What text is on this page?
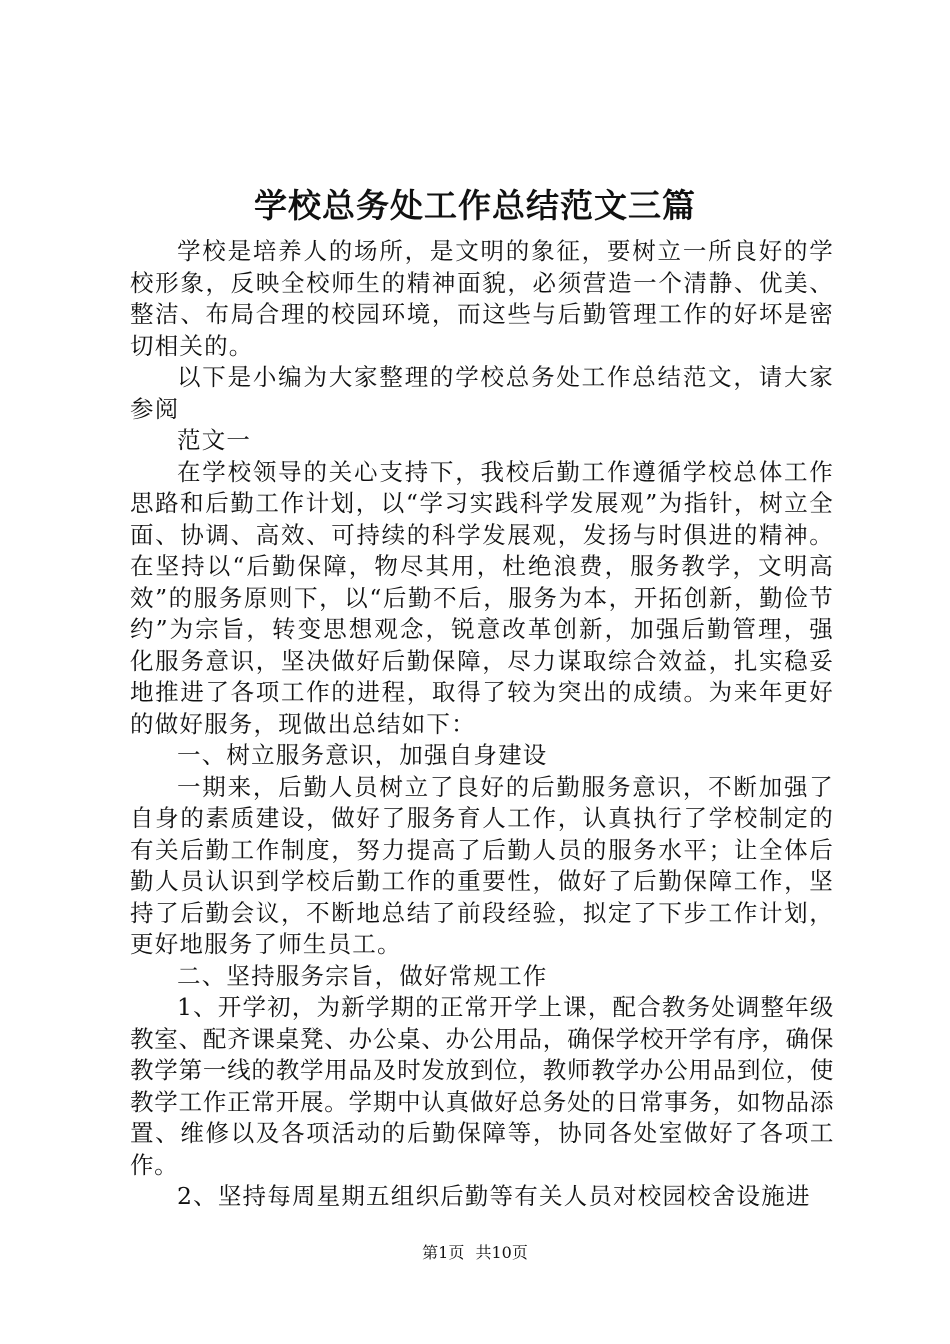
学校总务处工作总结范文三篇

学校是培养人的场所，是文明的象征，要树立一所良好的学校形象，反映全校师生的精神面貌，必须营造一个清静、优美、整洁、布局合理的校园环境，而这些与后勤管理工作的好坏是密切相关的。

以下是小编为大家整理的学校总务处工作总结范文，请大家参阅

范文一

在学校领导的关心支持下，我校后勤工作遵循学校总体工作思路和后勤工作计划，以“学习实践科学发展观”为指针，树立全面、协调、高效、可持续的科学发展观，发扬与时俱进的精神。在坚持以“后勤保障，物尽其用，杜绝浪费，服务教学，文明高效”的服务原则下，以“后勤不后，服务为本，开拓创新，勤俭节约”为宗旨，转变思想观念，锐意改革创新，加强后勤管理，强化服务意识，坚决做好后勤保障，尽力谋取综合效益，扎实稳妥地推进了各项工作的进程，取得了较为突出的成绩。为来年更好的做好服务，现做出总结如下：

一、树立服务意识，加强自身建设

一期来，后勤人员树立了良好的后勤服务意识，不断加强了自身的素质建设，做好了服务育人工作，认真执行了学校制定的有关后勤工作制度，努力提高了后勤人员的服务水平；让全体后勤人员认识到学校后勤工作的重要性，做好了后勤保障工作，坚持了后勤会议，不断地总结了前段经验，拟定了下步工作计划，更好地服务了师生员工。

二、坚持服务宗旨，做好常规工作

1、开学初，为新学期的正常开学上课，配合教务处调整年级教室、配齐课桌凳、办公桌、办公用品，确保学校开学有序，确保教学第一线的教学用品及时发放到位，教师教学办公用品到位，使教学工作正常开展。学期中认真做好总务处的日常事务，如物品添置、维修以及各项活动的后勤保障等，协同各处室做好了各项工作。

2、坚持每周星期五组织后勤等有关人员对校园校舍设施进

第1页 共10页
